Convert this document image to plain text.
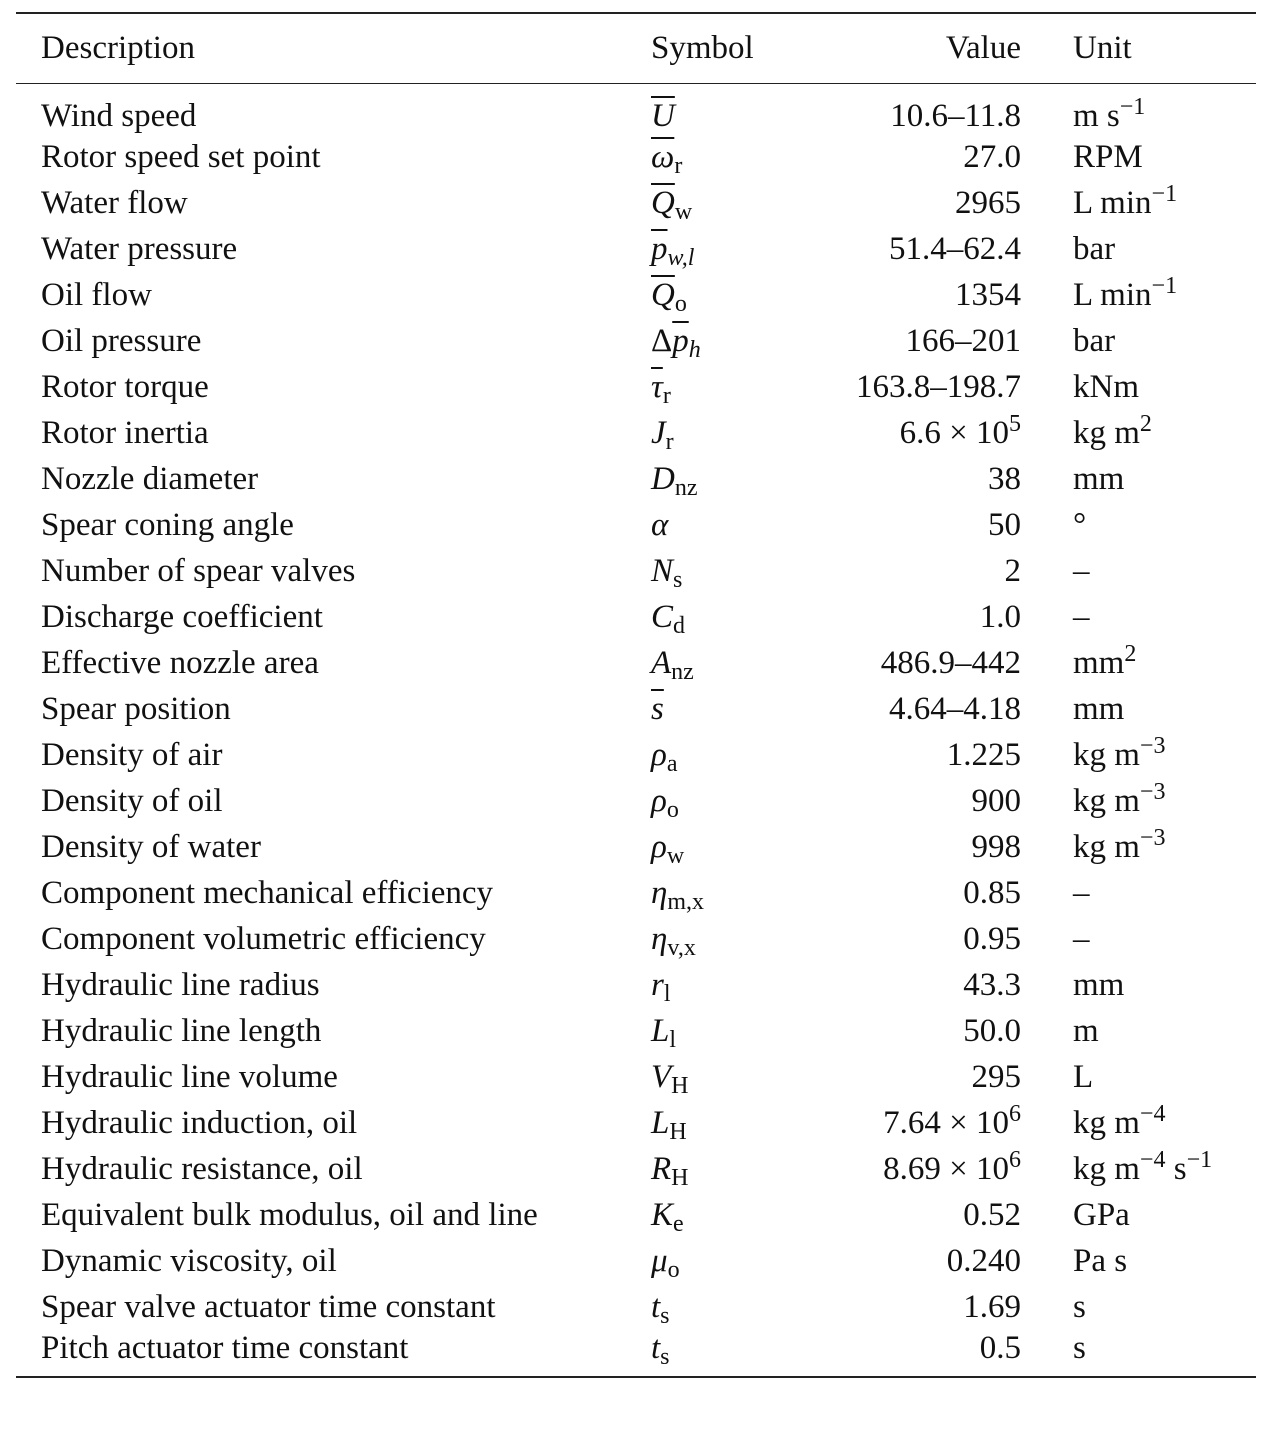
Description	Symbol	Value	Unit
Wind speed	$\overline{U}$	10.6–11.8	m $s^{-1}$
Rotor speed set point	$\overline{\omega}_r$	27.0	RPM
Water flow	$\overline{Q}_w$	2965	L $\min^{-1}$
Water pressure	$\overline{p}_{w,l}$	51.4–62.4	bar
Oil flow	$\overline{Q}_o$	1354	L $\min^{-1}$
Oil pressure	$\Delta\overline{p}_h$	166–201	bar
Rotor torque	$\overline{\tau}_r$	163.8–198.7	kNm
Rotor inertia	$J_r$	$6.6 \times 10^5$	kg $m^2$
Nozzle diameter	$D_{nz}$	38	mm
Spear coning angle	α	50	°
Number of spear valves	$N_s$	2	–
Discharge coefficient	$C_d$	1.0	–
Effective nozzle area	$A_{nz}$	486.9–442	$mm^2$
Spear position	$\overline{s}$	4.64–4.18	mm
Density of air	$\rho_a$	1.225	kg $m^{-3}$
Density of oil	$\rho_o$	900	kg $m^{-3}$
Density of water	$\rho_w$	998	kg $m^{-3}$
Component mechanical efficiency	$\eta_{m,x}$	0.85	–
Component volumetric efficiency	$\eta_{v,x}$	0.95	–
Hydraulic line radius	$r_l$	43.3	mm
Hydraulic line length	$L_l$	50.0	m
Hydraulic line volume	$V_H$	295	L
Hydraulic induction, oil	$L_H$	$7.64 \times 10^6$	kg $m^{-4}$
Hydraulic resistance, oil	$R_H$	$8.69 \times 10^6$	kg $m^{-4}$ $s^{-1}$
Equivalent bulk modulus, oil and line	$K_e$	0.52	GPa
Dynamic viscosity, oil	$\mu_o$	0.240	Pa s
Spear valve actuator time constant	$t_s$	1.69	s
Pitch actuator time constant	$t_s$	0.5	s
